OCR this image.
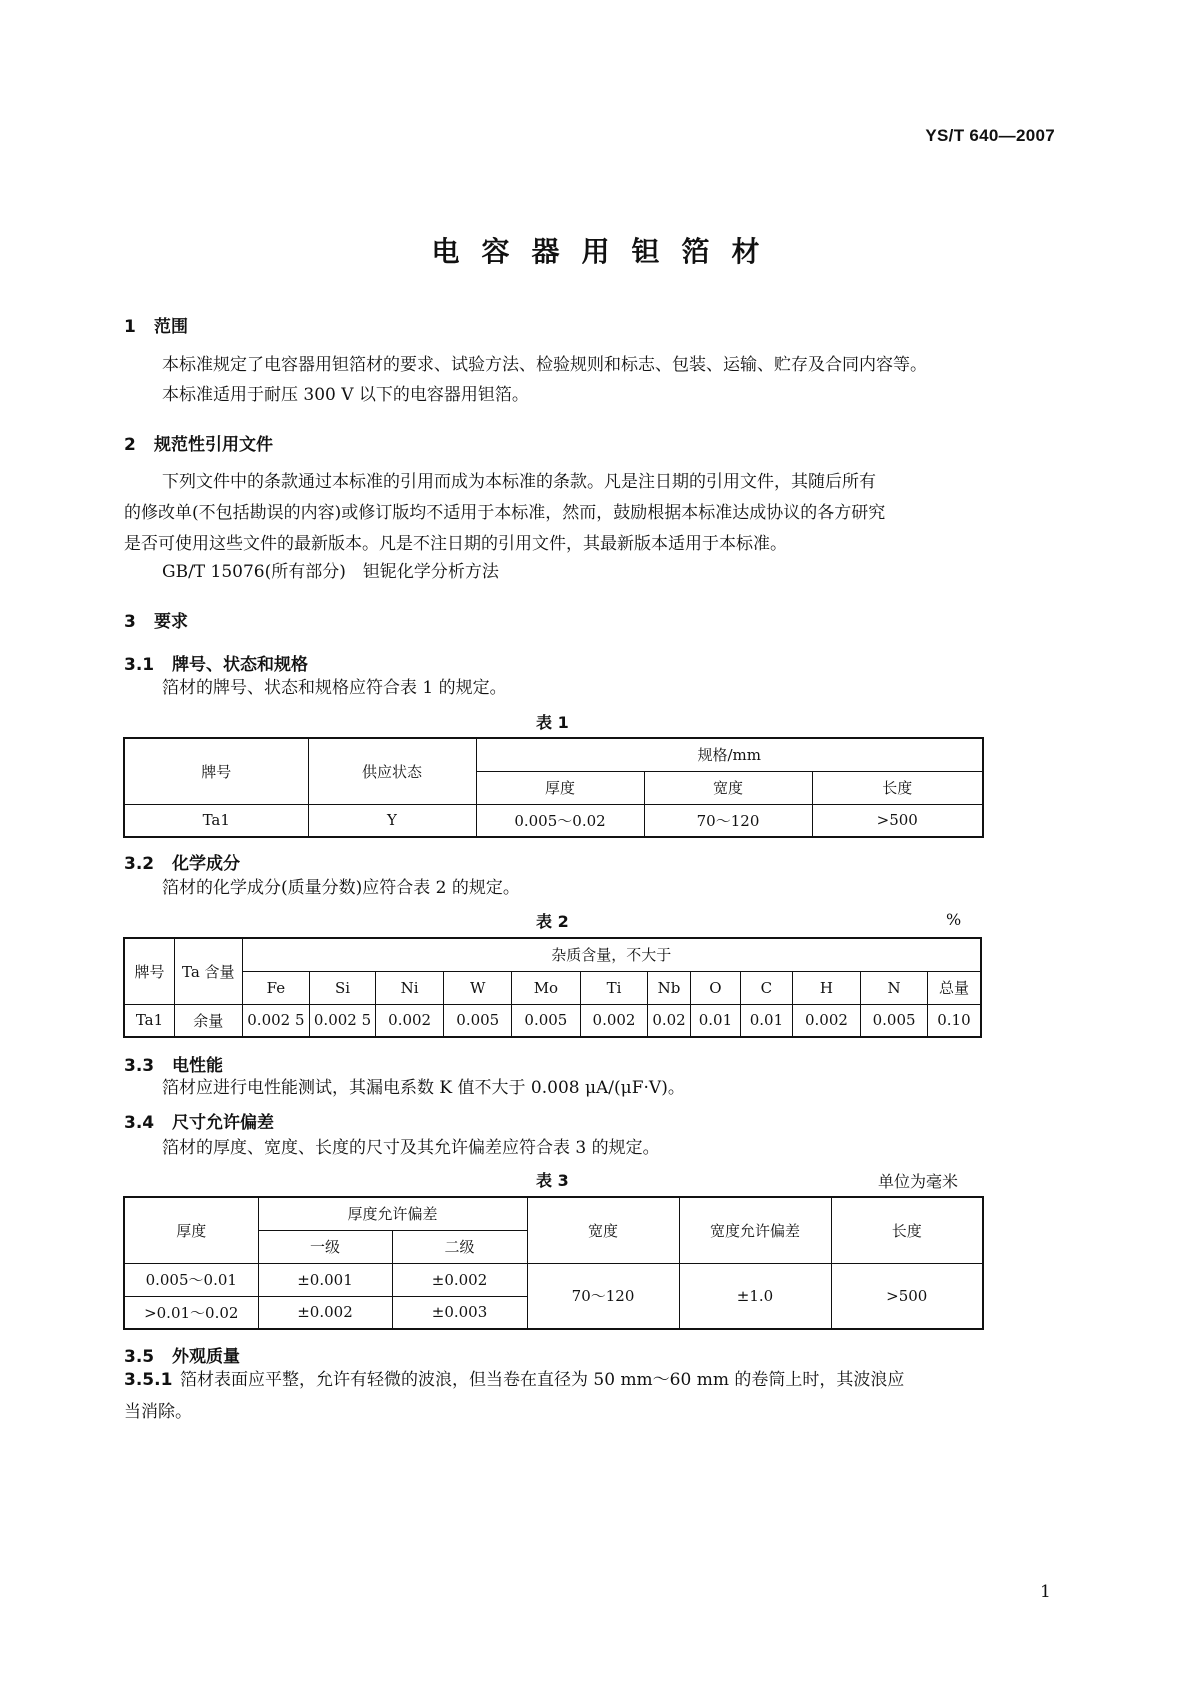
YS/T 640—2007
电容器用钽箔材
1 范围
本标准规定了电容器用钽箔材的要求、试验方法、检验规则和标志、包装、运输、贮存及合同内容等。
本标准适用于耐压 300 V 以下的电容器用钽箔。
2 规范性引用文件
下列文件中的条款通过本标准的引用而成为本标准的条款。凡是注日期的引用文件，其随后所有
的修改单(不包括勘误的内容)或修订版均不适用于本标准，然而，鼓励根据本标准达成协议的各方研究
是否可使用这些文件的最新版本。凡是不注日期的引用文件，其最新版本适用于本标准。
GB/T 15076(所有部分)　钽铌化学分析方法
3 要求
3.1 牌号、状态和规格
箔材的牌号、状态和规格应符合表 1 的规定。
表 1
牌号	供应状态	规格/mm		
		厚度	宽度	长度
Ta1	Y	0.005～0.02	70～120	>500
3.2 化学成分
箔材的化学成分(质量分数)应符合表 2 的规定。
表 2	%
牌号	Ta 含量	杂质含量，不大于											
		Fe	Si	Ni	W	Mo	Ti	Nb	O	C	H	N	总量
Ta1	余量	0.002 5	0.002 5	0.002	0.005	0.005	0.002	0.02	0.01	0.01	0.002	0.005	0.10
3.3 电性能
箔材应进行电性能测试，其漏电系数 K 值不大于 0.008 μA/(μF·V)。
3.4 尺寸允许偏差
箔材的厚度、宽度、长度的尺寸及其允许偏差应符合表 3 的规定。
表 3	单位为毫米
厚度	厚度允许偏差		宽度	宽度允许偏差	长度
	一级	二级			
0.005～0.01	±0.001	±0.002	70～120	±1.0	>500
>0.01～0.02	±0.002	±0.003			
3.5 外观质量
3.5.1 箔材表面应平整，允许有轻微的波浪，但当卷在直径为 50 mm～60 mm 的卷筒上时，其波浪应
当消除。
1
